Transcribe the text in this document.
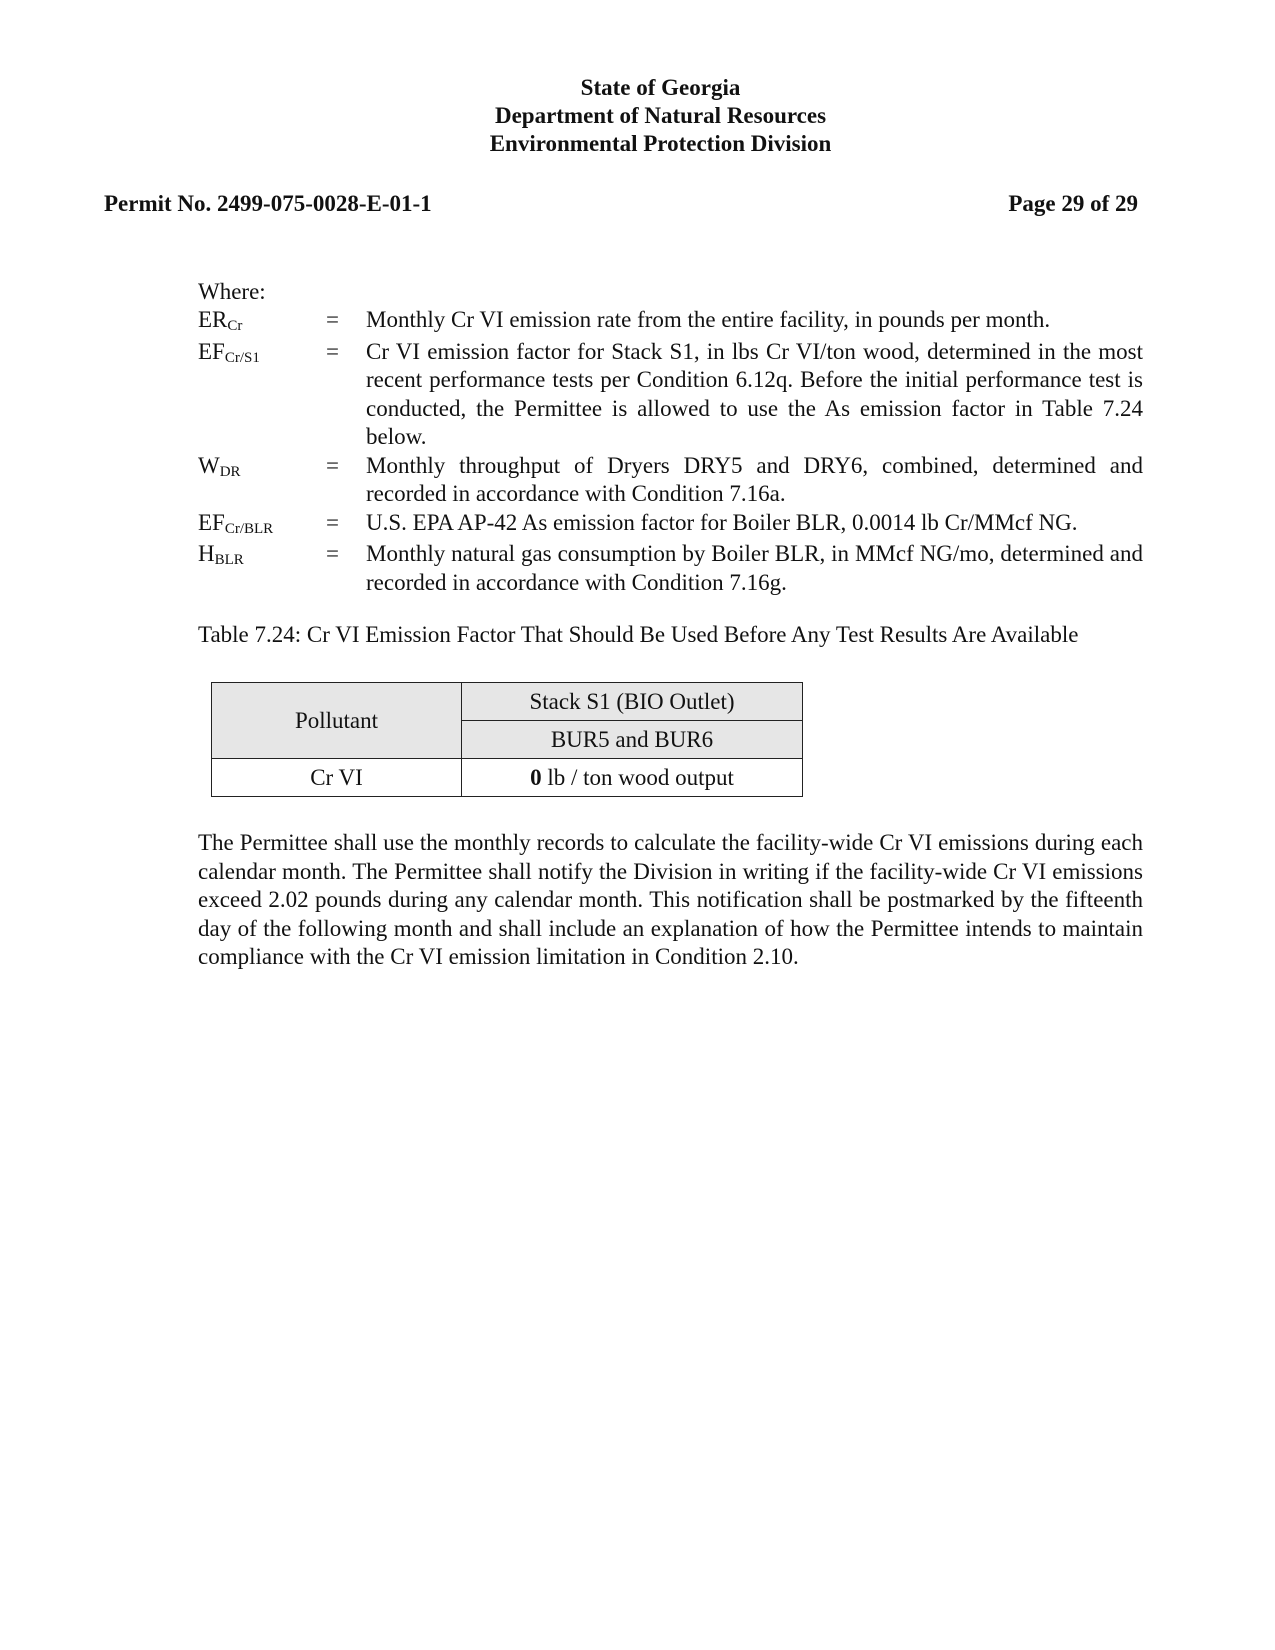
State of Georgia
Department of Natural Resources
Environmental Protection Division
Permit No. 2499-075-0028-E-01-1	Page 29 of 29
Where:
$ER_{Cr}$	=	Monthly Cr VI emission rate from the entire facility, in pounds per month.
$EF_{Cr/S1}$	=	Cr VI emission factor for Stack S1, in lbs Cr VI/ton wood, determined in the most recent performance tests per Condition 6.12q. Before the initial performance test is conducted, the Permittee is allowed to use the As emission factor in Table 7.24 below.
$W_{DR}$	=	Monthly throughput of Dryers DRY5 and DRY6, combined, determined and recorded in accordance with Condition 7.16a.
$EF_{Cr/BLR}$	=	U.S. EPA AP-42 As emission factor for Boiler BLR, 0.0014 lb Cr/MMcf NG.
$H_{BLR}$	=	Monthly natural gas consumption by Boiler BLR, in MMcf NG/mo, determined and recorded in accordance with Condition 7.16g.
Table 7.24: Cr VI Emission Factor That Should Be Used Before Any Test Results Are Available
Pollutant	Stack S1 (BIO Outlet)
	BUR5 and BUR6
Cr VI	0 lb / ton wood output
The Permittee shall use the monthly records to calculate the facility-wide Cr VI emissions during each calendar month. The Permittee shall notify the Division in writing if the facility-wide Cr VI emissions exceed 2.02 pounds during any calendar month. This notification shall be postmarked by the fifteenth day of the following month and shall include an explanation of how the Permittee intends to maintain compliance with the Cr VI emission limitation in Condition 2.10.
